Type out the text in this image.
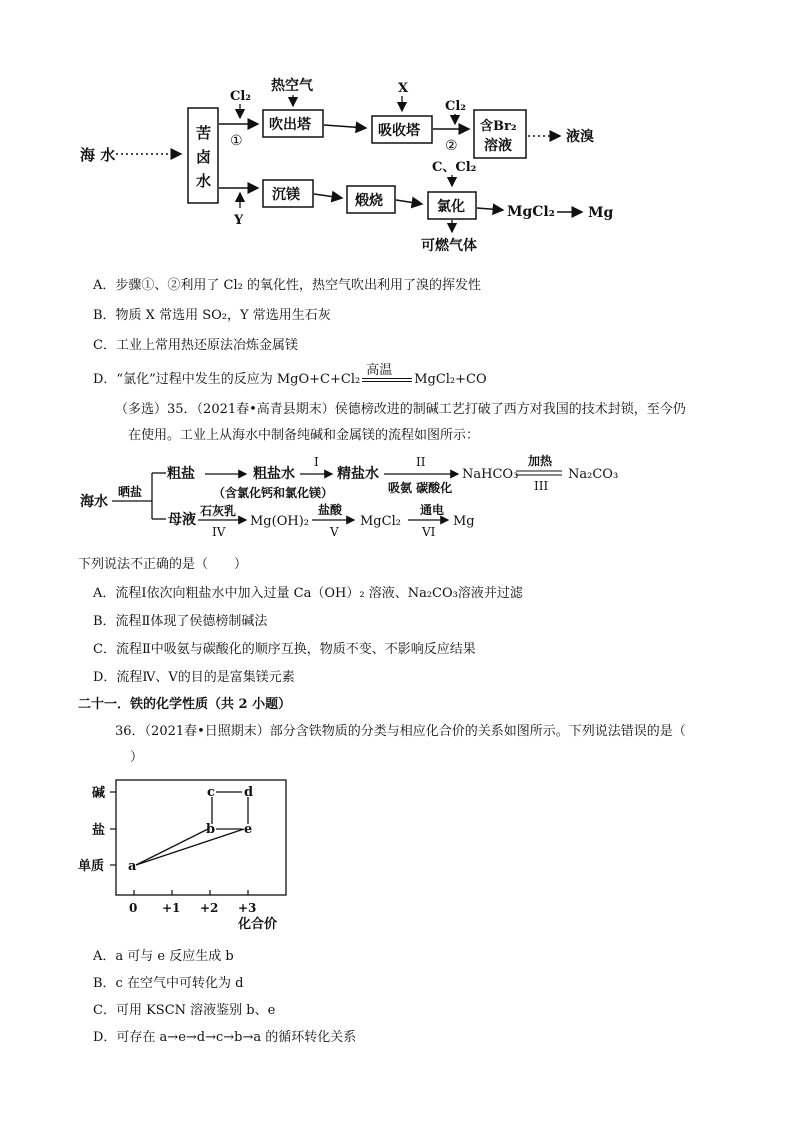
海 水
苦
卤
水
Cl₂
①
吹出塔
热空气
吸收塔
X
Cl₂
②
含Br₂
溶液
液溴
Y
沉镁	煅烧
C、Cl₂
氯化
可燃气体
MgCl₂ Mg
A．步骤①、②利用了 Cl₂ 的氧化性，热空气吹出利用了溴的挥发性
B．物质 X 常选用 SO₂，Y 常选用生石灰
C．工业上常用热还原法冶炼金属镁
D．“氯化”过程中发生的反应为 MgO+C+Cl₂
高温
MgCl₂+CO
（多选）35．（2021春•高青县期末）侯德榜改进的制碱工艺打破了西方对我国的技术封锁，至今仍
在使用。工业上从海水中制备纯碱和金属镁的流程如图所示：
海水
晒盐
粗盐	粗盐水
（含氯化钙和氯化镁）
I
精盐水
II
吸氨 碳酸化
NaHCO₃
加热
III
Na₂CO₃
母液
石灰乳
IV
Mg(OH)₂
盐酸
V
MgCl₂
通电
VI
Mg
下列说法不正确的是（　　）
A．流程Ⅰ依次向粗盐水中加入过量 Ca（OH）₂ 溶液、Na₂CO₃溶液并过滤
B．流程Ⅱ体现了侯德榜制碱法
C．流程Ⅱ中吸氨与碳酸化的顺序互换，物质不变、不影响反应结果
D．流程Ⅳ、Ⅴ的目的是富集镁元素
二十一．铁的化学性质（共 2 小题）
36．（2021春•日照期末）部分含铁物质的分类与相应化合价的关系如图所示。下列说法错误的是（
）
碱
盐
单质
0 +1 +2 +3
化合价
a
b
c d
e
A．a 可与 e 反应生成 b
B．c 在空气中可转化为 d
C．可用 KSCN 溶液鉴别 b、e
D．可存在 a→e→d→c→b→a 的循环转化关系
